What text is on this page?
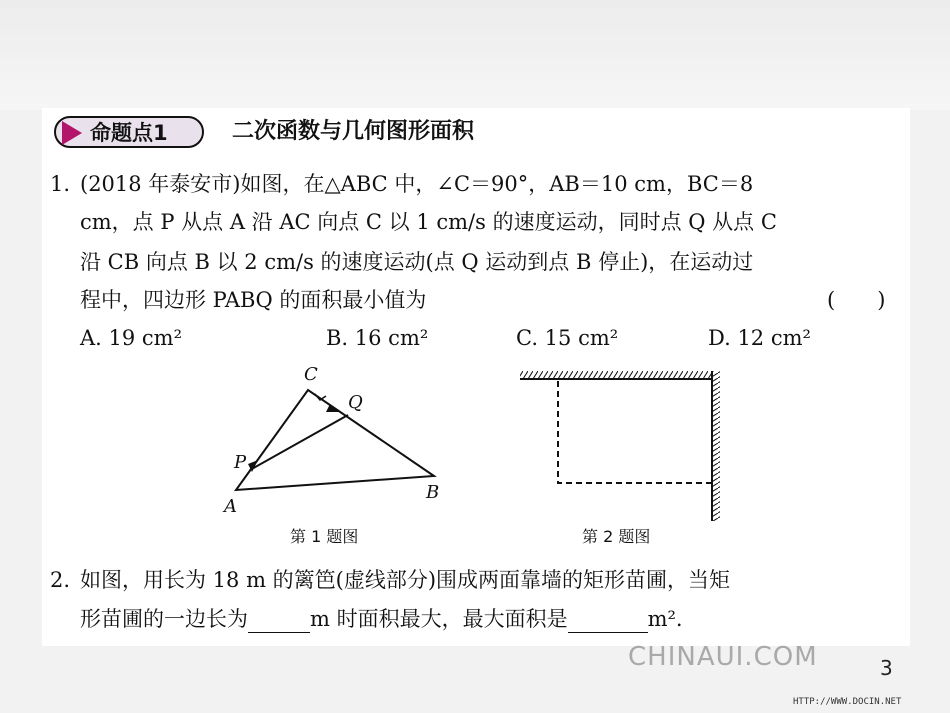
命题点1	二次函数与几何图形面积
1. (2018 年泰安市)如图，在△ABC 中，∠C＝90°，AB＝10 cm，BC＝8
cm，点 P 从点 A 沿 AC 向点 C 以 1 cm/s 的速度运动，同时点 Q 从点 C
沿 CB 向点 B 以 2 cm/s 的速度运动(点 Q 运动到点 B 停止)，在运动过
程中，四边形 PABQ 的面积最小值为	(　　)
A. 19 cm²	B. 16 cm²	C. 15 cm²	D. 12 cm²
A
B
C
P
Q
第 1 题图	第 2 题图
2. 如图，用长为 18 m 的篱笆(虚线部分)围成两面靠墙的矩形苗圃，当矩
形苗圃的一边长为	m 时面积最大，最大面积是	m².
CHINAUI.COM	3
HTTP://WWW.DOCIN.NET
